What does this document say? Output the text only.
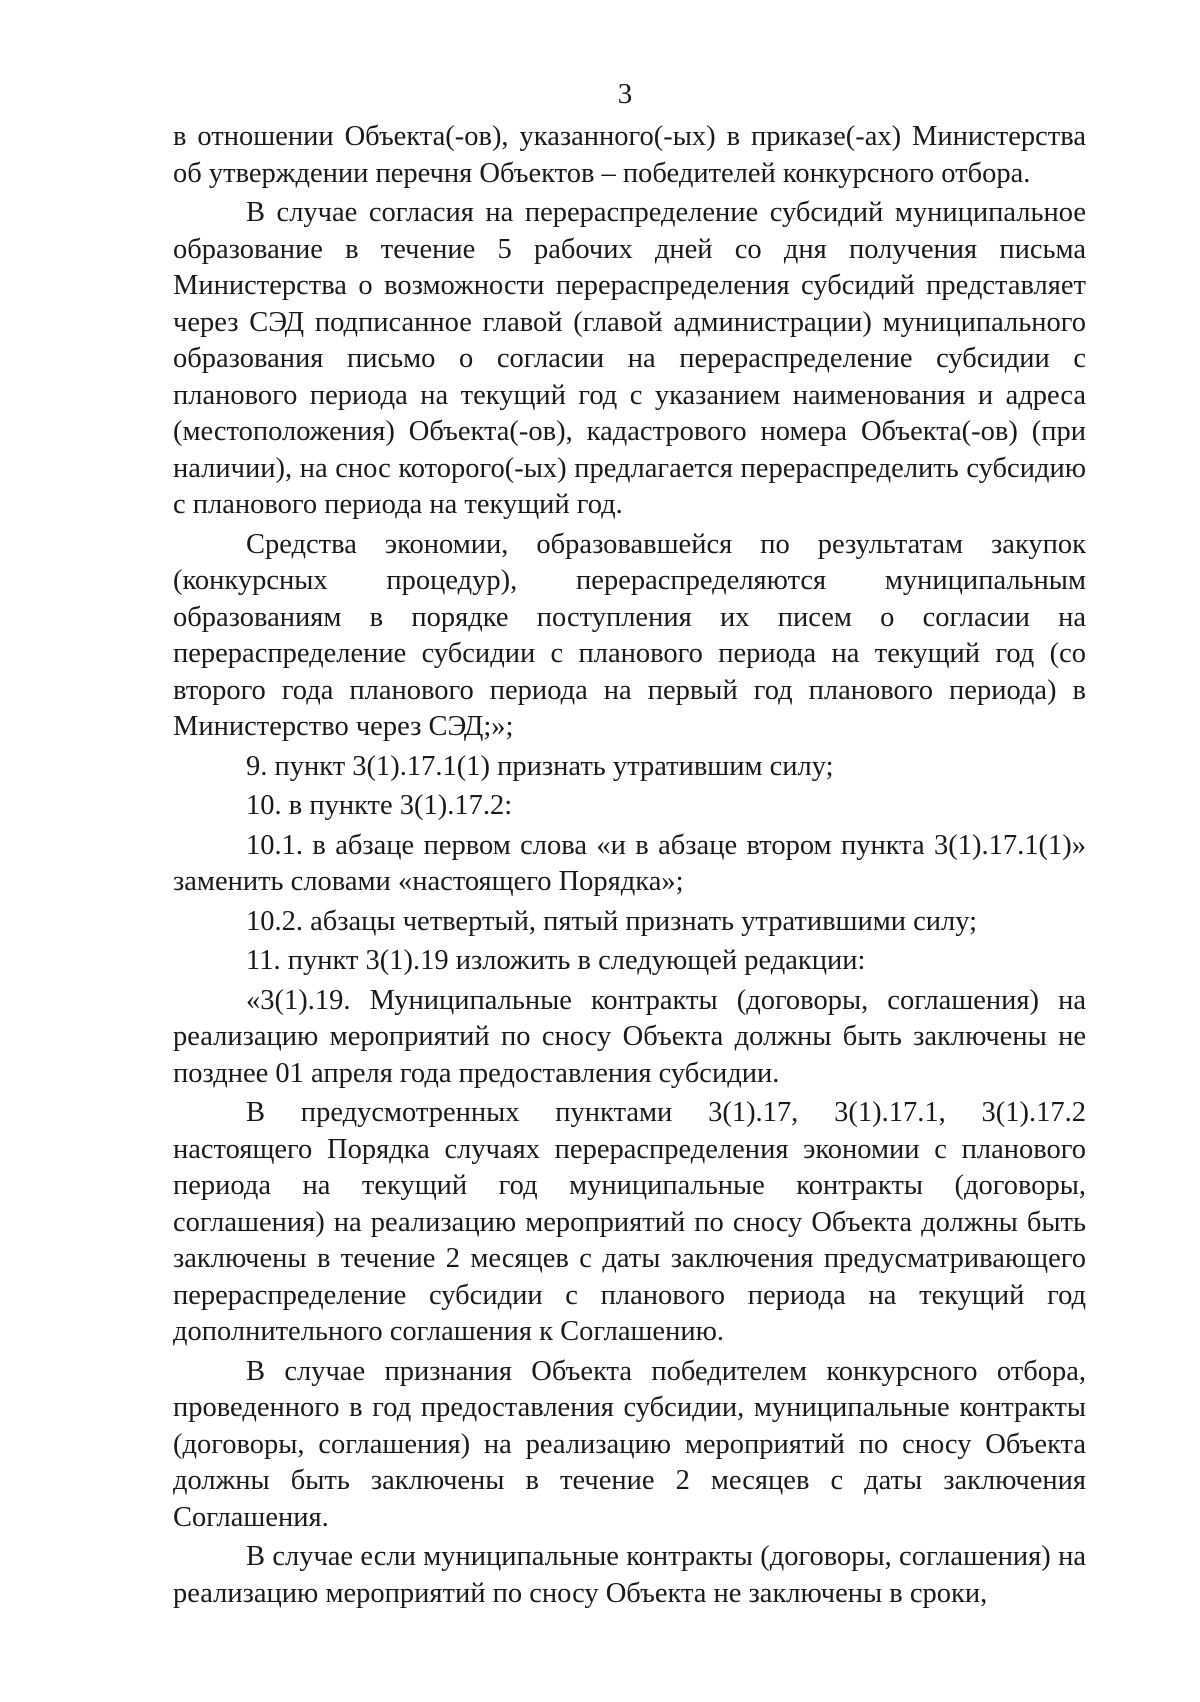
3

в отношении Объекта(-ов), указанного(-ых) в приказе(-ах) Министерства об утверждении перечня Объектов – победителей конкурсного отбора.

В случае согласия на перераспределение субсидий муниципальное образование в течение 5 рабочих дней со дня получения письма Министерства о возможности перераспределения субсидий представляет через СЭД подписанное главой (главой администрации) муниципального образования письмо о согласии на перераспределение субсидии с планового периода на текущий год с указанием наименования и адреса (местоположения) Объекта(-ов), кадастрового номера Объекта(-ов) (при наличии), на снос которого(-ых) предлагается перераспределить субсидию с планового периода на текущий год.

Средства экономии, образовавшейся по результатам закупок (конкурсных процедур), перераспределяются муниципальным образованиям в порядке поступления их писем о согласии на перераспределение субсидии с планового периода на текущий год (со второго года планового периода на первый год планового периода) в Министерство через СЭД;»;

9. пункт 3(1).17.1(1) признать утратившим силу;

10. в пункте 3(1).17.2:

10.1. в абзаце первом слова «и в абзаце втором пункта 3(1).17.1(1)» заменить словами «настоящего Порядка»;

10.2. абзацы четвертый, пятый признать утратившими силу;

11. пункт 3(1).19 изложить в следующей редакции:

«3(1).19. Муниципальные контракты (договоры, соглашения) на реализацию мероприятий по сносу Объекта должны быть заключены не позднее 01 апреля года предоставления субсидии.

В предусмотренных пунктами 3(1).17, 3(1).17.1, 3(1).17.2 настоящего Порядка случаях перераспределения экономии с планового периода на текущий год муниципальные контракты (договоры, соглашения) на реализацию мероприятий по сносу Объекта должны быть заключены в течение 2 месяцев с даты заключения предусматривающего перераспределение субсидии с планового периода на текущий год дополнительного соглашения к Соглашению.

В случае признания Объекта победителем конкурсного отбора, проведенного в год предоставления субсидии, муниципальные контракты (договоры, соглашения) на реализацию мероприятий по сносу Объекта должны быть заключены в течение 2 месяцев с даты заключения Соглашения.

В случае если муниципальные контракты (договоры, соглашения) на реализацию мероприятий по сносу Объекта не заключены в сроки,
